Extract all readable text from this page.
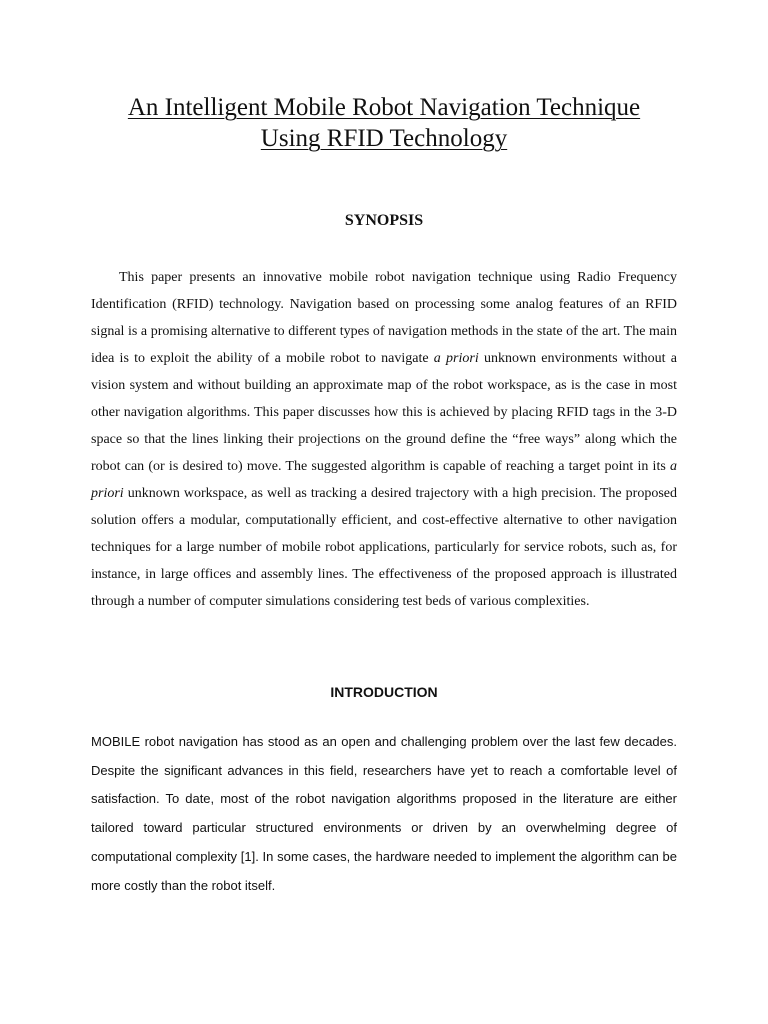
An Intelligent Mobile Robot Navigation Technique
Using RFID Technology
SYNOPSIS

This paper presents an innovative mobile robot navigation technique using Radio Frequency Identification (RFID) technology. Navigation based on processing some analog features of an RFID signal is a promising alternative to different types of navigation methods in the state of the art. The main idea is to exploit the ability of a mobile robot to navigate a priori unknown environments without a vision system and without building an approximate map of the robot workspace, as is the case in most other navigation algorithms. This paper discusses how this is achieved by placing RFID tags in the 3-D space so that the lines linking their projections on the ground define the “free ways” along which the robot can (or is desired to) move. The suggested algorithm is capable of reaching a target point in its a priori unknown workspace, as well as tracking a desired trajectory with a high precision. The proposed solution offers a modular, computationally efficient, and cost-effective alternative to other navigation techniques for a large number of mobile robot applications, particularly for service robots, such as, for instance, in large offices and assembly lines. The effectiveness of the proposed approach is illustrated through a number of computer simulations considering test beds of various complexities.

INTRODUCTION

MOBILE robot navigation has stood as an open and challenging problem over the last few decades. Despite the significant advances in this field, researchers have yet to reach a comfortable level of satisfaction. To date, most of the robot navigation algorithms proposed in the literature are either tailored toward particular structured environments or driven by an overwhelming degree of computational complexity [1]. In some cases, the hardware needed to implement the algorithm can be more costly than the robot itself.
